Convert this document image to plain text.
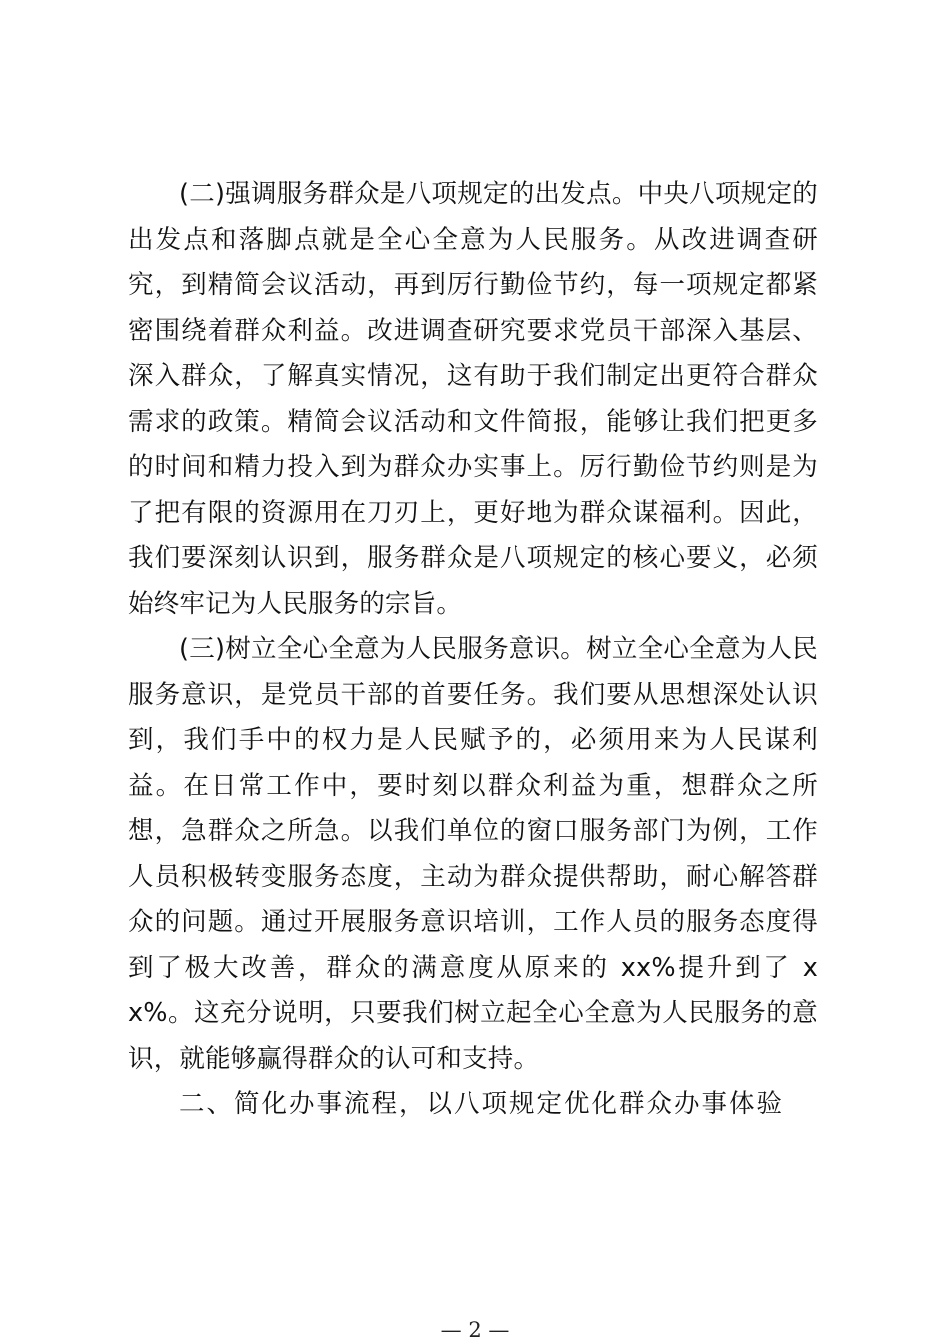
(二)强调服务群众是八项规定的出发点。中央八项规定的出发点和落脚点就是全心全意为人民服务。从改进调查研究，到精简会议活动，再到厉行勤俭节约，每一项规定都紧密围绕着群众利益。改进调查研究要求党员干部深入基层、深入群众，了解真实情况，这有助于我们制定出更符合群众需求的政策。精简会议活动和文件简报，能够让我们把更多的时间和精力投入到为群众办实事上。厉行勤俭节约则是为了把有限的资源用在刀刃上，更好地为群众谋福利。因此，我们要深刻认识到，服务群众是八项规定的核心要义，必须始终牢记为人民服务的宗旨。

(三)树立全心全意为人民服务意识。树立全心全意为人民服务意识，是党员干部的首要任务。我们要从思想深处认识到，我们手中的权力是人民赋予的，必须用来为人民谋利益。在日常工作中，要时刻以群众利益为重，想群众之所想，急群众之所急。以我们单位的窗口服务部门为例，工作人员积极转变服务态度，主动为群众提供帮助，耐心解答群众的问题。通过开展服务意识培训，工作人员的服务态度得到了极大改善，群众的满意度从原来的 xx%提升到了 xx%。这充分说明，只要我们树立起全心全意为人民服务的意识，就能够赢得群众的认可和支持。

二、简化办事流程，以八项规定优化群众办事体验

— 2 —
